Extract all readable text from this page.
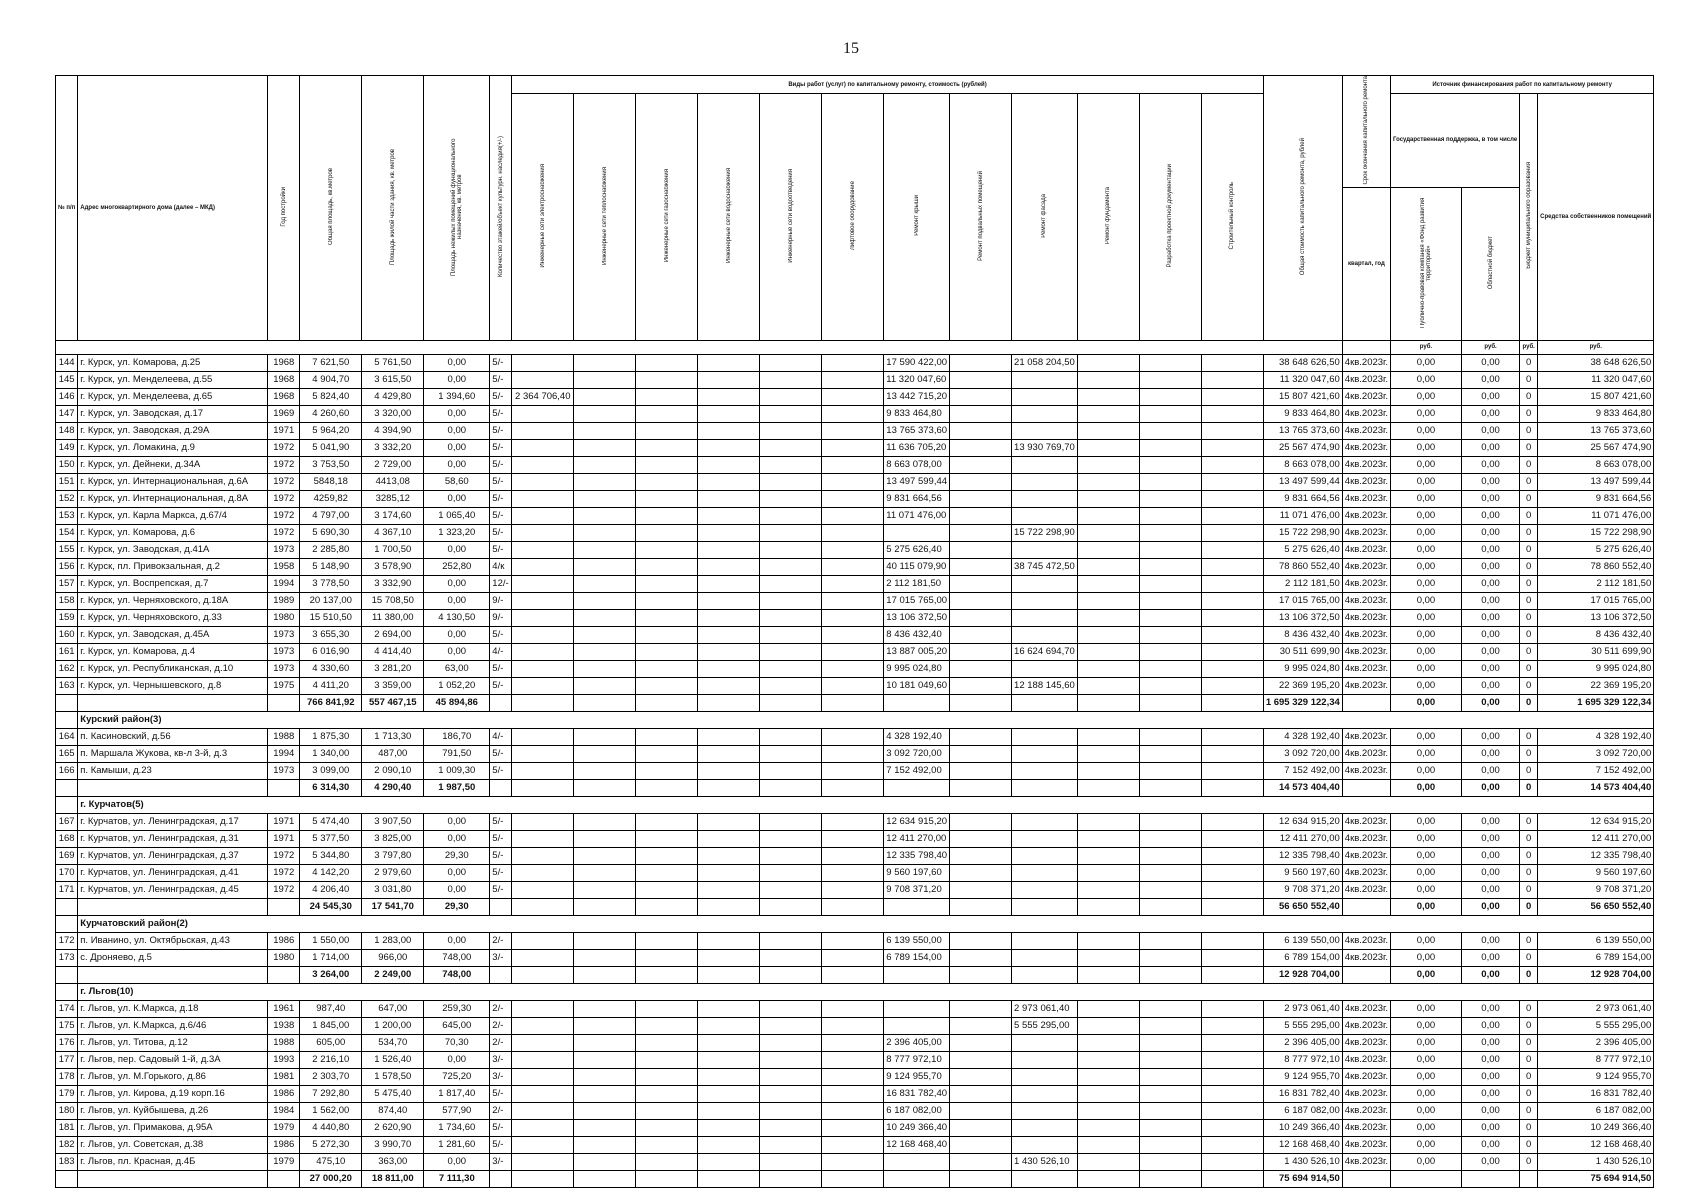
15
№ п/п	Адрес многоквартирного дома (далее – МКД)	Год постройки	Общая площадь, кв.метров	Площадь жилой части здания, кв. метров	Площадь нежилых помещений функционального назначения, кв. метров	Количество этажей/объект культурн. наследия(+/-)	Виды работ (услуг) по капитальному ремонту, стоимость (рублей)												Общая стоимость капитального ремонта, рублей	Срок окончания капитального ремонта	Источник финансирования работ по капитальному ремонту			
							Инженерные сети электроснабжения	Инженерные сети теплоснабжения	Инженерные сети газоснабжения	Инженерные сети водоснабжения	Инженерные сети водоотведения	Лифтовое оборудование	Ремонт крыши	Ремонт подвальных помещений	Ремонт фасада	Ремонт фундамента	Разработка проектной документации	Строительный контроль			Государственная поддержка, в том числе		Бюджет муниципального образования	Средства собственников помещений
																				квартал, год	Публично-правовая компания «Фонд развития территорий»	Областной бюджет		
																					руб.	руб.	руб.	руб.
144	г. Курск, ул. Комарова, д.25	1968	7 621,50	5 761,50	0,00	5/-							17 590 422,00		21 058 204,50				38 648 626,50	4кв.2023г.	0,00	0,00	0	38 648 626,50
145	г. Курск, ул. Менделеева, д.55	1968	4 904,70	3 615,50	0,00	5/-							11 320 047,60						11 320 047,60	4кв.2023г.	0,00	0,00	0	11 320 047,60
146	г. Курск, ул. Менделеева, д.65	1968	5 824,40	4 429,80	1 394,60	5/-	2 364 706,40						13 442 715,20						15 807 421,60	4кв.2023г.	0,00	0,00	0	15 807 421,60
147	г. Курск, ул. Заводская, д.17	1969	4 260,60	3 320,00	0,00	5/-							9 833 464,80						9 833 464,80	4кв.2023г.	0,00	0,00	0	9 833 464,80
148	г. Курск, ул. Заводская, д.29А	1971	5 964,20	4 394,90	0,00	5/-							13 765 373,60						13 765 373,60	4кв.2023г.	0,00	0,00	0	13 765 373,60
149	г. Курск, ул. Ломакина, д.9	1972	5 041,90	3 332,20	0,00	5/-							11 636 705,20		13 930 769,70				25 567 474,90	4кв.2023г.	0,00	0,00	0	25 567 474,90
150	г. Курск, ул. Дейнеки, д.34А	1972	3 753,50	2 729,00	0,00	5/-							8 663 078,00						8 663 078,00	4кв.2023г.	0,00	0,00	0	8 663 078,00
151	г. Курск, ул. Интернациональная, д.6А	1972	5848,18	4413,08	58,60	5/-							13 497 599,44						13 497 599,44	4кв.2023г.	0,00	0,00	0	13 497 599,44
152	г. Курск, ул. Интернациональная, д.8А	1972	4259,82	3285,12	0,00	5/-							9 831 664,56						9 831 664,56	4кв.2023г.	0,00	0,00	0	9 831 664,56
153	г. Курск, ул. Карла Маркса, д.67/4	1972	4 797,00	3 174,60	1 065,40	5/-							11 071 476,00						11 071 476,00	4кв.2023г.	0,00	0,00	0	11 071 476,00
154	г. Курск, ул. Комарова, д.6	1972	5 690,30	4 367,10	1 323,20	5/-									15 722 298,90				15 722 298,90	4кв.2023г.	0,00	0,00	0	15 722 298,90
155	г. Курск, ул. Заводская, д.41А	1973	2 285,80	1 700,50	0,00	5/-							5 275 626,40						5 275 626,40	4кв.2023г.	0,00	0,00	0	5 275 626,40
156	г. Курск, пл. Привокзальная, д.2	1958	5 148,90	3 578,90	252,80	4/к							40 115 079,90		38 745 472,50				78 860 552,40	4кв.2023г.	0,00	0,00	0	78 860 552,40
157	г. Курск, ул. Воспрепская, д.7	1994	3 778,50	3 332,90	0,00	12/-							2 112 181,50						2 112 181,50	4кв.2023г.	0,00	0,00	0	2 112 181,50
158	г. Курск, ул. Черняховского, д.18А	1989	20 137,00	15 708,50	0,00	9/-							17 015 765,00						17 015 765,00	4кв.2023г.	0,00	0,00	0	17 015 765,00
159	г. Курск, ул. Черняховского, д.33	1980	15 510,50	11 380,00	4 130,50	9/-							13 106 372,50						13 106 372,50	4кв.2023г.	0,00	0,00	0	13 106 372,50
160	г. Курск, ул. Заводская, д.45А	1973	3 655,30	2 694,00	0,00	5/-							8 436 432,40						8 436 432,40	4кв.2023г.	0,00	0,00	0	8 436 432,40
161	г. Курск, ул. Комарова, д.4	1973	6 016,90	4 414,40	0,00	4/-							13 887 005,20		16 624 694,70				30 511 699,90	4кв.2023г.	0,00	0,00	0	30 511 699,90
162	г. Курск, ул. Республиканская, д.10	1973	4 330,60	3 281,20	63,00	5/-							9 995 024,80						9 995 024,80	4кв.2023г.	0,00	0,00	0	9 995 024,80
163	г. Курск, ул. Чернышевского, д.8	1975	4 411,20	3 359,00	1 052,20	5/-							10 181 049,60		12 188 145,60				22 369 195,20	4кв.2023г.	0,00	0,00	0	22 369 195,20
			766 841,92	557 467,15	45 894,86														1 695 329 122,34		0,00	0,00	0	1 695 329 122,34
	Курский район(3)																							
164	п. Касиновский, д.56	1988	1 875,30	1 713,30	186,70	4/-							4 328 192,40						4 328 192,40	4кв.2023г.	0,00	0,00	0	4 328 192,40
165	п. Маршала Жукова, кв-л 3-й, д.3	1994	1 340,00	487,00	791,50	5/-							3 092 720,00						3 092 720,00	4кв.2023г.	0,00	0,00	0	3 092 720,00
166	п. Камыши, д.23	1973	3 099,00	2 090,10	1 009,30	5/-							7 152 492,00						7 152 492,00	4кв.2023г.	0,00	0,00	0	7 152 492,00
			6 314,30	4 290,40	1 987,50														14 573 404,40		0,00	0,00	0	14 573 404,40
	г. Курчатов(5)																							
167	г. Курчатов, ул. Ленинградская, д.17	1971	5 474,40	3 907,50	0,00	5/-							12 634 915,20						12 634 915,20	4кв.2023г.	0,00	0,00	0	12 634 915,20
168	г. Курчатов, ул. Ленинградская, д.31	1971	5 377,50	3 825,00	0,00	5/-							12 411 270,00						12 411 270,00	4кв.2023г.	0,00	0,00	0	12 411 270,00
169	г. Курчатов, ул. Ленинградская, д.37	1972	5 344,80	3 797,80	29,30	5/-							12 335 798,40						12 335 798,40	4кв.2023г.	0,00	0,00	0	12 335 798,40
170	г. Курчатов, ул. Ленинградская, д.41	1972	4 142,20	2 979,60	0,00	5/-							9 560 197,60						9 560 197,60	4кв.2023г.	0,00	0,00	0	9 560 197,60
171	г. Курчатов, ул. Ленинградская, д.45	1972	4 206,40	3 031,80	0,00	5/-							9 708 371,20						9 708 371,20	4кв.2023г.	0,00	0,00	0	9 708 371,20
			24 545,30	17 541,70	29,30														56 650 552,40		0,00	0,00	0	56 650 552,40
	Курчатовский район(2)																							
172	п. Иванино, ул. Октябрьская, д.43	1986	1 550,00	1 283,00	0,00	2/-							6 139 550,00						6 139 550,00	4кв.2023г.	0,00	0,00	0	6 139 550,00
173	с. Дроняево, д.5	1980	1 714,00	966,00	748,00	3/-							6 789 154,00						6 789 154,00	4кв.2023г.	0,00	0,00	0	6 789 154,00
			3 264,00	2 249,00	748,00														12 928 704,00		0,00	0,00	0	12 928 704,00
	г. Льгов(10)																							
174	г. Льгов, ул. К.Маркса, д.18	1961	987,40	647,00	259,30	2/-									2 973 061,40				2 973 061,40	4кв.2023г.	0,00	0,00	0	2 973 061,40
175	г. Льгов, ул. К.Маркса, д.6/46	1938	1 845,00	1 200,00	645,00	2/-									5 555 295,00				5 555 295,00	4кв.2023г.	0,00	0,00	0	5 555 295,00
176	г. Льгов, ул. Титова, д.12	1988	605,00	534,70	70,30	2/-							2 396 405,00						2 396 405,00	4кв.2023г.	0,00	0,00	0	2 396 405,00
177	г. Льгов, пер. Садовый 1-й, д.3А	1993	2 216,10	1 526,40	0,00	3/-							8 777 972,10						8 777 972,10	4кв.2023г.	0,00	0,00	0	8 777 972,10
178	г. Льгов, ул. М.Горького, д.86	1981	2 303,70	1 578,50	725,20	3/-							9 124 955,70						9 124 955,70	4кв.2023г.	0,00	0,00	0	9 124 955,70
179	г. Льгов, ул. Кирова, д.19 корп.16	1986	7 292,80	5 475,40	1 817,40	5/-							16 831 782,40						16 831 782,40	4кв.2023г.	0,00	0,00	0	16 831 782,40
180	г. Льгов, ул. Куйбышева, д.26	1984	1 562,00	874,40	577,90	2/-							6 187 082,00						6 187 082,00	4кв.2023г.	0,00	0,00	0	6 187 082,00
181	г. Льгов, ул. Примакова, д.95А	1979	4 440,80	2 620,90	1 734,60	5/-							10 249 366,40						10 249 366,40	4кв.2023г.	0,00	0,00	0	10 249 366,40
182	г. Льгов, ул. Советская, д.38	1986	5 272,30	3 990,70	1 281,60	5/-							12 168 468,40						12 168 468,40	4кв.2023г.	0,00	0,00	0	12 168 468,40
183	г. Льгов, пл. Красная, д.4Б	1979	475,10	363,00	0,00	3/-									1 430 526,10				1 430 526,10	4кв.2023г.	0,00	0,00	0	1 430 526,10
			27 000,20	18 811,00	7 111,30														75 694 914,50					75 694 914,50
